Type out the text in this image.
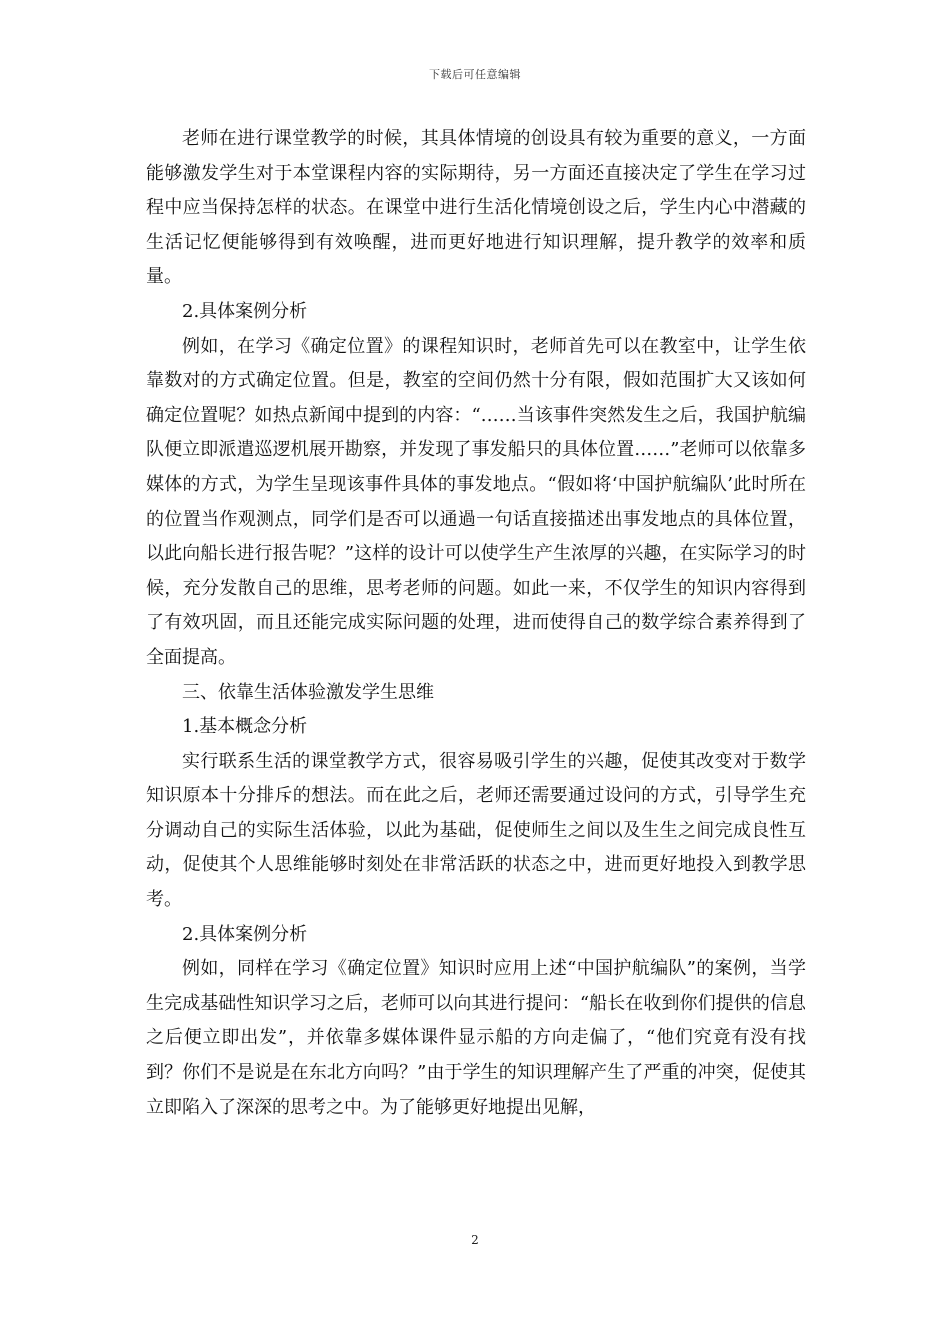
下载后可任意编辑

老师在进行课堂教学的时候，其具体情境的创设具有较为重要的意义，一方面能够激发学生对于本堂课程内容的实际期待，另一方面还直接决定了学生在学习过程中应当保持怎样的状态。在课堂中进行生活化情境创设之后，学生内心中潜藏的生活记忆便能够得到有效唤醒，进而更好地进行知识理解，提升教学的效率和质量。

2.具体案例分析

例如，在学习《确定位置》的课程知识时，老师首先可以在教室中，让学生依靠数对的方式确定位置。但是，教室的空间仍然十分有限，假如范围扩大又该如何确定位置呢？如热点新闻中提到的内容：“……当该事件突然发生之后，我国护航编队便立即派遣巡逻机展开勘察，并发现了事发船只的具体位置……”老师可以依靠多媒体的方式，为学生呈现该事件具体的事发地点。“假如将‘中国护航编队’此时所在的位置当作观测点，同学们是否可以通過一句话直接描述出事发地点的具体位置，以此向船长进行报告呢？”这样的设计可以使学生产生浓厚的兴趣，在实际学习的时候，充分发散自己的思维，思考老师的问题。如此一来，不仅学生的知识内容得到了有效巩固，而且还能完成实际问题的处理，进而使得自己的数学综合素养得到了全面提高。

三、依靠生活体验激发学生思维

1.基本概念分析

实行联系生活的课堂教学方式，很容易吸引学生的兴趣，促使其改变对于数学知识原本十分排斥的想法。而在此之后，老师还需要通过设问的方式，引导学生充分调动自己的实际生活体验，以此为基础，促使师生之间以及生生之间完成良性互动，促使其个人思维能够时刻处在非常活跃的状态之中，进而更好地投入到教学思考。

2.具体案例分析

例如，同样在学习《确定位置》知识时应用上述“中国护航编队”的案例，当学生完成基础性知识学习之后，老师可以向其进行提问：“船长在收到你们提供的信息之后便立即出发”，并依靠多媒体课件显示船的方向走偏了，“他们究竟有没有找到？你们不是说是在东北方向吗？”由于学生的知识理解产生了严重的冲突，促使其立即陷入了深深的思考之中。为了能够更好地提出见解，

2
